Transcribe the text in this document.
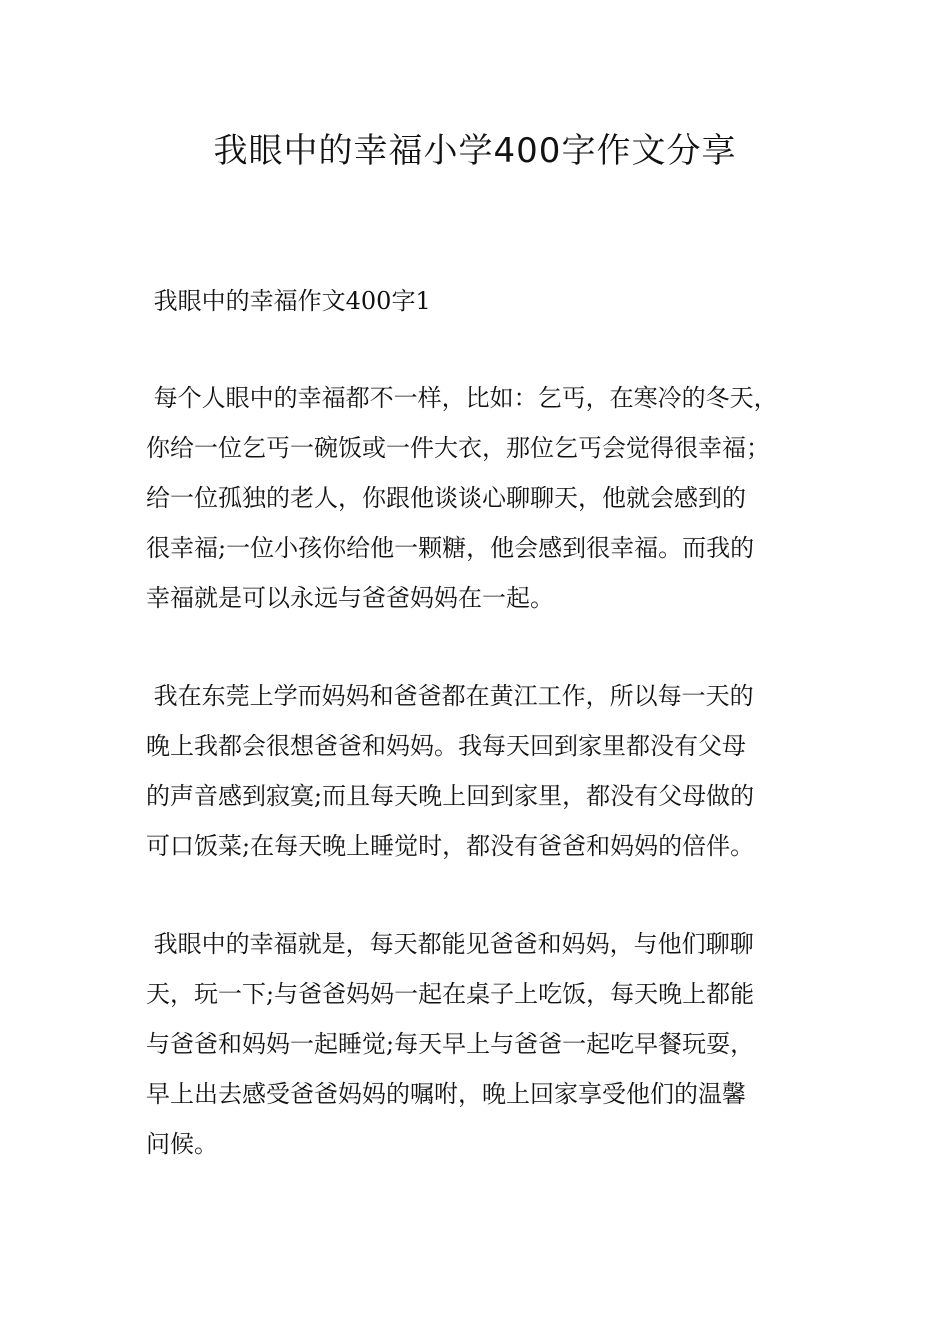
我眼中的幸福小学400字作文分享

我眼中的幸福作文400字1

每个人眼中的幸福都不一样，比如：乞丐，在寒冷的冬天，
你给一位乞丐一碗饭或一件大衣，那位乞丐会觉得很幸福；
给一位孤独的老人，你跟他谈谈心聊聊天，他就会感到的
很幸福;一位小孩你给他一颗糖，他会感到很幸福。而我的
幸福就是可以永远与爸爸妈妈在一起。

我在东莞上学而妈妈和爸爸都在黄江工作，所以每一天的
晚上我都会很想爸爸和妈妈。我每天回到家里都没有父母
的声音感到寂寞;而且每天晚上回到家里，都没有父母做的
可口饭菜;在每天晚上睡觉时，都没有爸爸和妈妈的倍伴。

我眼中的幸福就是，每天都能见爸爸和妈妈，与他们聊聊
天，玩一下;与爸爸妈妈一起在桌子上吃饭，每天晚上都能
与爸爸和妈妈一起睡觉;每天早上与爸爸一起吃早餐玩耍，
早上出去感受爸爸妈妈的嘱咐，晚上回家享受他们的温馨
问候。
